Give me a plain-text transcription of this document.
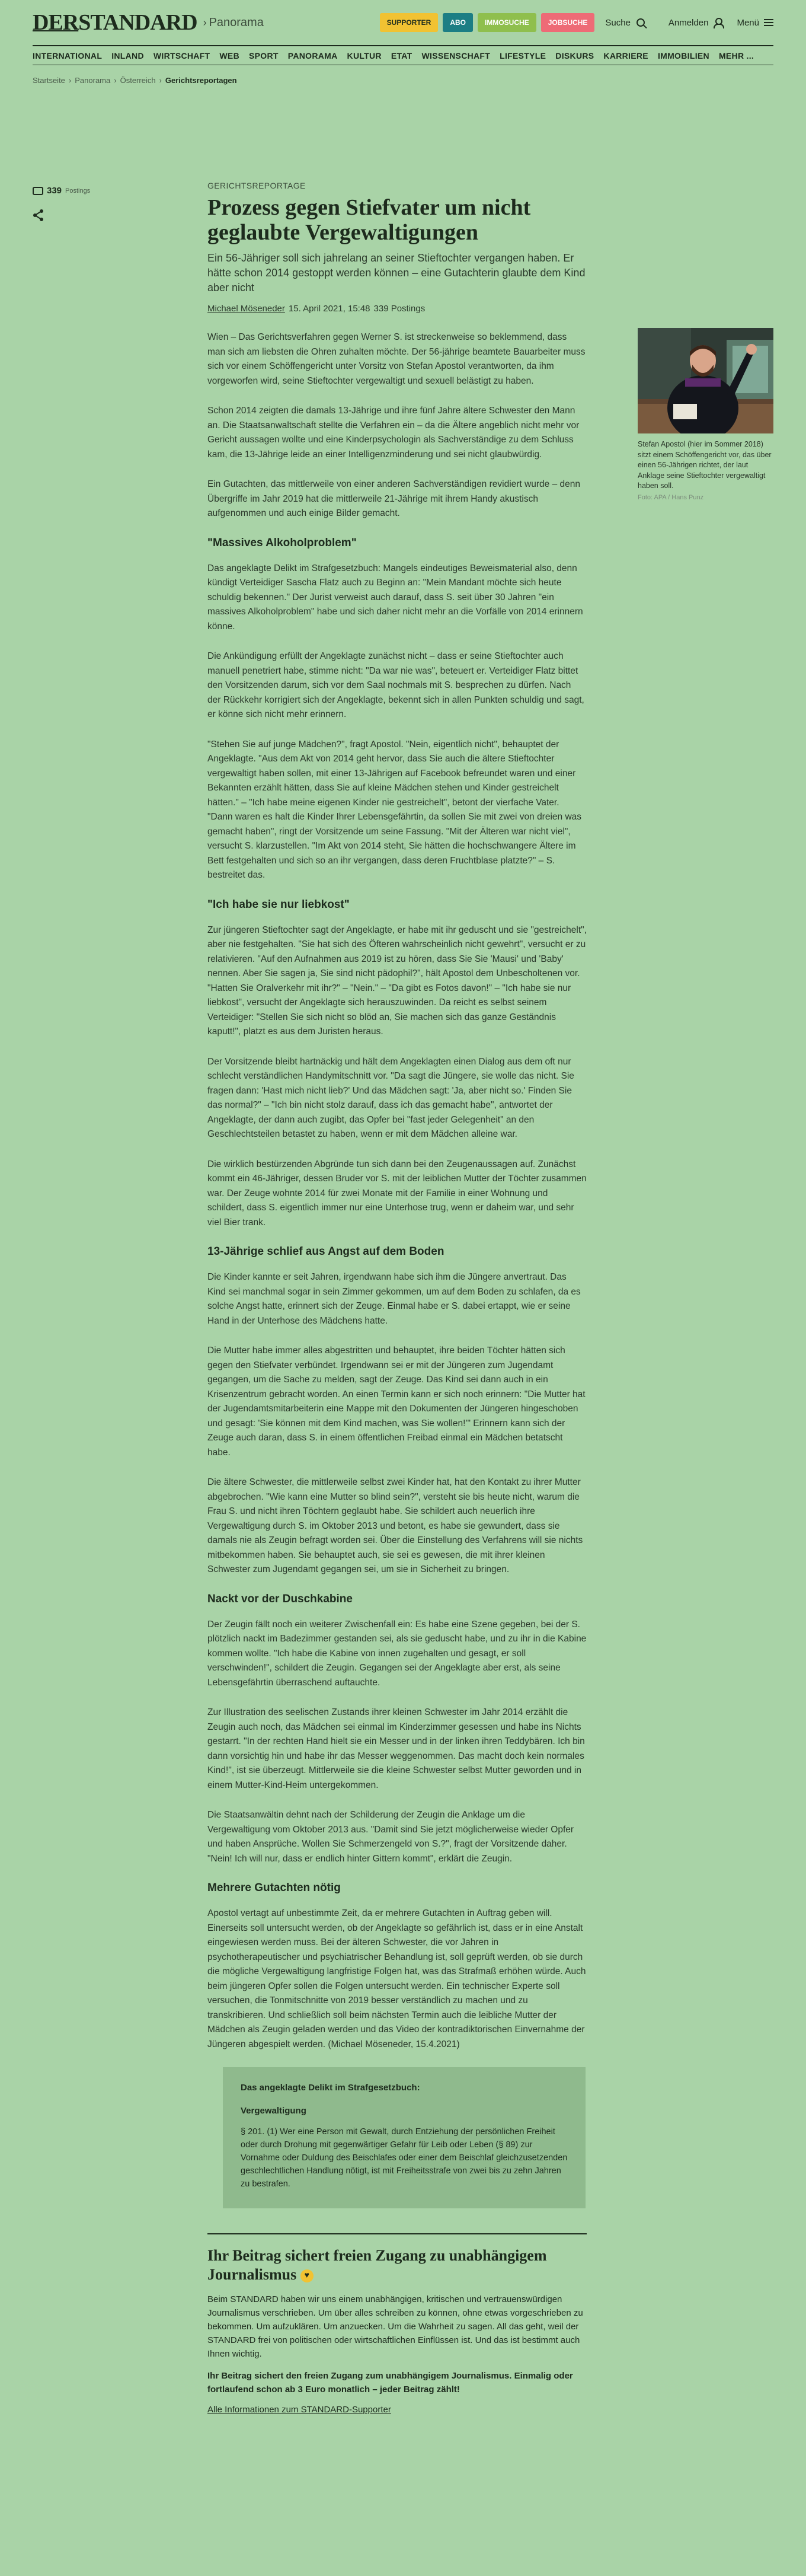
DERSTANDARD › Panorama	SUPPORTER	ABO	IMMOSUCHE	JOBSUCHE	Suche	Anmelden	Menü
INTERNATIONAL INLAND WIRTSCHAFT WEB SPORT PANORAMA KULTUR ETAT WISSENSCHAFT LIFESTYLE DISKURS KARRIERE IMMOBILIEN MEHR ...
Startseite › Panorama › Österreich › Gerichtsreportagen
339 Postings
GERICHTSREPORTAGE
Prozess gegen Stiefvater um nicht geglaubte Vergewaltigungen
Ein 56-Jähriger soll sich jahrelang an seiner Stieftochter vergangen haben. Er hätte schon 2014 gestoppt werden können – eine Gutachterin glaubte dem Kind aber nicht
Michael Möseneder 15. April 2021, 15:48 339 Postings

Wien – Das Gerichtsverfahren gegen Werner S. ist streckenweise so beklemmend, dass man sich am liebsten die Ohren zuhalten möchte. Der 56-jährige beamtete Bauarbeiter muss sich vor einem Schöffengericht unter Vorsitz von Stefan Apostol verantworten, da ihm vorgeworfen wird, seine Stieftochter vergewaltigt und sexuell belästigt zu haben.

Schon 2014 zeigten die damals 13-Jährige und ihre fünf Jahre ältere Schwester den Mann an. Die Staatsanwaltschaft stellte die Verfahren ein – da die Ältere angeblich nicht mehr vor Gericht aussagen wollte und eine Kinderpsychologin als Sachverständige zu dem Schluss kam, die 13-Jährige leide an einer Intelligenzminderung und sei nicht glaubwürdig.

Ein Gutachten, das mittlerweile von einer anderen Sachverständigen revidiert wurde – denn Übergriffe im Jahr 2019 hat die mittlerweile 21-Jährige mit ihrem Handy akustisch aufgenommen und auch einige Bilder gemacht.

"Massives Alkoholproblem"

Das angeklagte Delikt im Strafgesetzbuch: Mangels eindeutiges Beweismaterial also, denn kündigt Verteidiger Sascha Flatz auch zu Beginn an: "Mein Mandant möchte sich heute schuldig bekennen." Der Jurist verweist auch darauf, dass S. seit über 30 Jahren "ein massives Alkoholproblem" habe und sich daher nicht mehr an die Vorfälle von 2014 erinnern könne.

Die Ankündigung erfüllt der Angeklagte zunächst nicht – dass er seine Stieftochter auch manuell penetriert habe, stimme nicht: "Da war nie was", beteuert er. Verteidiger Flatz bittet den Vorsitzenden darum, sich vor dem Saal nochmals mit S. besprechen zu dürfen. Nach der Rückkehr korrigiert sich der Angeklagte, bekennt sich in allen Punkten schuldig und sagt, er könne sich nicht mehr erinnern.

"Stehen Sie auf junge Mädchen?", fragt Apostol. "Nein, eigentlich nicht", behauptet der Angeklagte. "Aus dem Akt von 2014 geht hervor, dass Sie auch die ältere Stieftochter vergewaltigt haben sollen, mit einer 13-Jährigen auf Facebook befreundet waren und einer Bekannten erzählt hätten, dass Sie auf kleine Mädchen stehen und Kinder gestreichelt hätten." – "Ich habe meine eigenen Kinder nie gestreichelt", betont der vierfache Vater. "Dann waren es halt die Kinder Ihrer Lebensgefährtin, da sollen Sie mit zwei von dreien was gemacht haben", ringt der Vorsitzende um seine Fassung. "Mit der Älteren war nicht viel", versucht S. klarzustellen. "Im Akt von 2014 steht, Sie hätten die hochschwangere Ältere im Bett festgehalten und sich so an ihr vergangen, dass deren Fruchtblase platzte?" – S. bestreitet das.

"Ich habe sie nur liebkost"

Zur jüngeren Stieftochter sagt der Angeklagte, er habe mit ihr geduscht und sie "gestreichelt", aber nie festgehalten. "Sie hat sich des Öfteren wahrscheinlich nicht gewehrt", versucht er zu relativieren. "Auf den Aufnahmen aus 2019 ist zu hören, dass Sie Sie 'Mausi' und 'Baby' nennen. Aber Sie sagen ja, Sie sind nicht pädophil?", hält Apostol dem Unbescholtenen vor. "Hatten Sie Oralverkehr mit ihr?" – "Nein." – "Da gibt es Fotos davon!" – "Ich habe sie nur liebkost", versucht der Angeklagte sich herauszuwinden. Da reicht es selbst seinem Verteidiger: "Stellen Sie sich nicht so blöd an, Sie machen sich das ganze Geständnis kaputt!", platzt es aus dem Juristen heraus.

Der Vorsitzende bleibt hartnäckig und hält dem Angeklagten einen Dialog aus dem oft nur schlecht verständlichen Handymitschnitt vor. "Da sagt die Jüngere, sie wolle das nicht. Sie fragen dann: 'Hast mich nicht lieb?' Und das Mädchen sagt: 'Ja, aber nicht so.' Finden Sie das normal?" – "Ich bin nicht stolz darauf, dass ich das gemacht habe", antwortet der Angeklagte, der dann auch zugibt, das Opfer bei "fast jeder Gelegenheit" an den Geschlechtsteilen betastet zu haben, wenn er mit dem Mädchen alleine war.

Die wirklich bestürzenden Abgründe tun sich dann bei den Zeugenaussagen auf. Zunächst kommt ein 46-Jähriger, dessen Bruder vor S. mit der leiblichen Mutter der Töchter zusammen war. Der Zeuge wohnte 2014 für zwei Monate mit der Familie in einer Wohnung und schildert, dass S. eigentlich immer nur eine Unterhose trug, wenn er daheim war, und sehr viel Bier trank.

13-Jährige schlief aus Angst auf dem Boden

Die Kinder kannte er seit Jahren, irgendwann habe sich ihm die Jüngere anvertraut. Das Kind sei manchmal sogar in sein Zimmer gekommen, um auf dem Boden zu schlafen, da es solche Angst hatte, erinnert sich der Zeuge. Einmal habe er S. dabei ertappt, wie er seine Hand in der Unterhose des Mädchens hatte.

Die Mutter habe immer alles abgestritten und behauptet, ihre beiden Töchter hätten sich gegen den Stiefvater verbündet. Irgendwann sei er mit der Jüngeren zum Jugendamt gegangen, um die Sache zu melden, sagt der Zeuge. Das Kind sei dann auch in ein Krisenzentrum gebracht worden. An einen Termin kann er sich noch erinnern: "Die Mutter hat der Jugendamtsmitarbeiterin eine Mappe mit den Dokumenten der Jüngeren hingeschoben und gesagt: 'Sie können mit dem Kind machen, was Sie wollen!'" Erinnern kann sich der Zeuge auch daran, dass S. in einem öffentlichen Freibad einmal ein Mädchen betatscht habe.

Die ältere Schwester, die mittlerweile selbst zwei Kinder hat, hat den Kontakt zu ihrer Mutter abgebrochen. "Wie kann eine Mutter so blind sein?", versteht sie bis heute nicht, warum die Frau S. und nicht ihren Töchtern geglaubt habe. Sie schildert auch neuerlich ihre Vergewaltigung durch S. im Oktober 2013 und betont, es habe sie gewundert, dass sie damals nie als Zeugin befragt worden sei. Über die Einstellung des Verfahrens will sie nichts mitbekommen haben. Sie behauptet auch, sie sei es gewesen, die mit ihrer kleinen Schwester zum Jugendamt gegangen sei, um sie in Sicherheit zu bringen.

Nackt vor der Duschkabine

Der Zeugin fällt noch ein weiterer Zwischenfall ein: Es habe eine Szene gegeben, bei der S. plötzlich nackt im Badezimmer gestanden sei, als sie geduscht habe, und zu ihr in die Kabine kommen wollte. "Ich habe die Kabine von innen zugehalten und gesagt, er soll verschwinden!", schildert die Zeugin. Gegangen sei der Angeklagte aber erst, als seine Lebensgefährtin überraschend auftauchte.

Zur Illustration des seelischen Zustands ihrer kleinen Schwester im Jahr 2014 erzählt die Zeugin auch noch, das Mädchen sei einmal im Kinderzimmer gesessen und habe ins Nichts gestarrt. "In der rechten Hand hielt sie ein Messer und in der linken ihren Teddybären. Ich bin dann vorsichtig hin und habe ihr das Messer weggenommen. Das macht doch kein normales Kind!", ist sie überzeugt. Mittlerweile sie die kleine Schwester selbst Mutter geworden und in einem Mutter-Kind-Heim untergekommen.

Die Staatsanwältin dehnt nach der Schilderung der Zeugin die Anklage um die Vergewaltigung vom Oktober 2013 aus. "Damit sind Sie jetzt möglicherweise wieder Opfer und haben Ansprüche. Wollen Sie Schmerzengeld von S.?", fragt der Vorsitzende daher. "Nein! Ich will nur, dass er endlich hinter Gittern kommt", erklärt die Zeugin.

Mehrere Gutachten nötig

Apostol vertagt auf unbestimmte Zeit, da er mehrere Gutachten in Auftrag geben will. Einerseits soll untersucht werden, ob der Angeklagte so gefährlich ist, dass er in eine Anstalt eingewiesen werden muss. Bei der älteren Schwester, die vor Jahren in psychotherapeutischer und psychiatrischer Behandlung ist, soll geprüft werden, ob sie durch die mögliche Vergewaltigung langfristige Folgen hat, was das Strafmaß erhöhen würde. Auch beim jüngeren Opfer sollen die Folgen untersucht werden. Ein technischer Experte soll versuchen, die Tonmitschnitte von 2019 besser verständlich zu machen und zu transkribieren. Und schließlich soll beim nächsten Termin auch die leibliche Mutter der Mädchen als Zeugin geladen werden und das Video der kontradiktorischen Einvernahme der Jüngeren abgespielt werden. (Michael Möseneder, 15.4.2021)

Das angeklagte Delikt im Strafgesetzbuch:
Vergewaltigung
§ 201. (1) Wer eine Person mit Gewalt, durch Entziehung der persönlichen Freiheit oder durch Drohung mit gegenwärtiger Gefahr für Leib oder Leben (§ 89) zur Vornahme oder Duldung des Beischlafes oder einer dem Beischlaf gleichzusetzenden geschlechtlichen Handlung nötigt, ist mit Freiheitsstrafe von zwei bis zu zehn Jahren zu bestrafen.
Ihr Beitrag sichert freien Zugang zu unabhängigem Journalismus ♥

Beim STANDARD haben wir uns einem unabhängigen, kritischen und vertrauenswürdigen Journalismus verschrieben. Um über alles schreiben zu können, ohne etwas vorgeschrieben zu bekommen. Um aufzuklären. Um anzuecken. Um die Wahrheit zu sagen. All das geht, weil der STANDARD frei von politischen oder wirtschaftlichen Einflüssen ist. Und das ist bestimmt auch Ihnen wichtig.

Ihr Beitrag sichert den freien Zugang zum unabhängigem Journalismus. Einmalig oder fortlaufend schon ab 3 Euro monatlich – jeder Beitrag zählt!

Alle Informationen zum STANDARD-Supporter
Stefan Apostol (hier im Sommer 2018) sitzt einem Schöffengericht vor, das über einen 56-Jährigen richtet, der laut Anklage seine Stieftochter vergewaltigt haben soll.
Foto: APA / Hans Punz
